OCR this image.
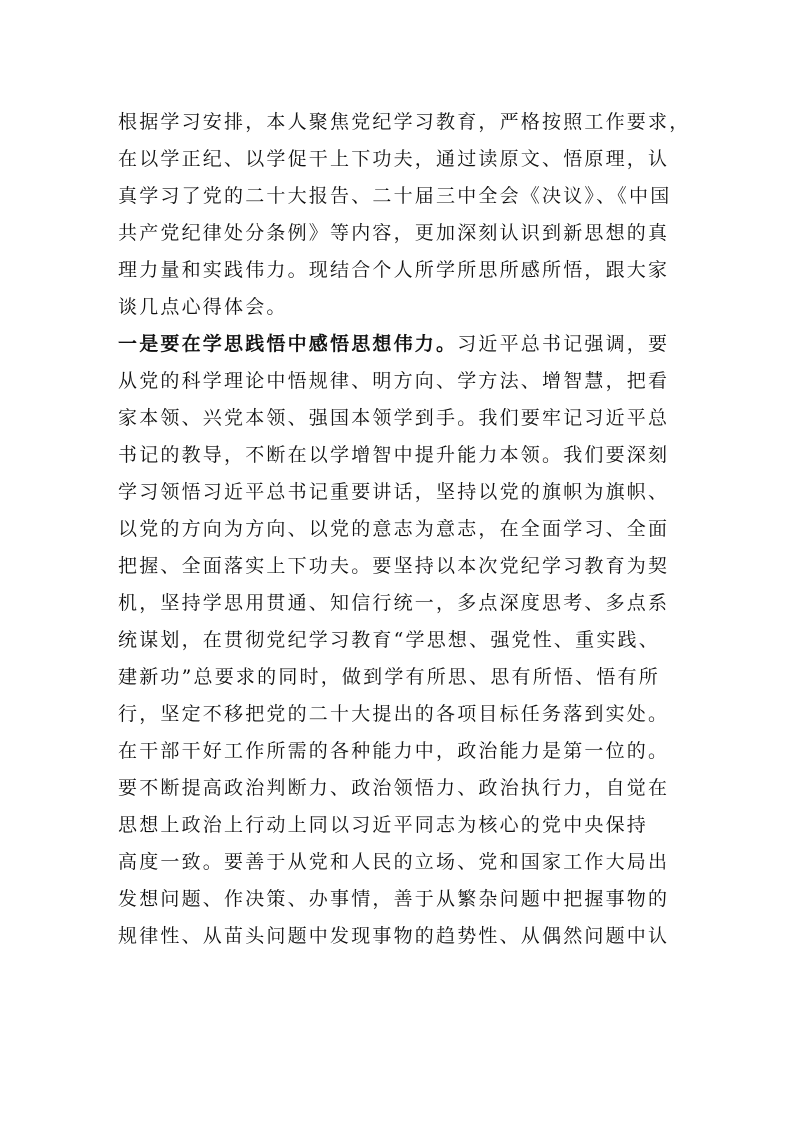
根据学习安排，本人聚焦党纪学习教育，严格按照工作要求，
在以学正纪、以学促干上下功夫，通过读原文、悟原理，认
真学习了党的二十大报告、二十届三中全会《决议》、《中国
共产党纪律处分条例》等内容，更加深刻认识到新思想的真
理力量和实践伟力。现结合个人所学所思所感所悟，跟大家
谈几点心得体会。
一是要在学思践悟中感悟思想伟力。习近平总书记强调，要
从党的科学理论中悟规律、明方向、学方法、增智慧，把看
家本领、兴党本领、强国本领学到手。我们要牢记习近平总
书记的教导，不断在以学增智中提升能力本领。我们要深刻
学习领悟习近平总书记重要讲话，坚持以党的旗帜为旗帜、
以党的方向为方向、以党的意志为意志，在全面学习、全面
把握、全面落实上下功夫。要坚持以本次党纪学习教育为契
机，坚持学思用贯通、知信行统一，多点深度思考、多点系
统谋划，在贯彻党纪学习教育“学思想、强党性、重实践、
建新功”总要求的同时，做到学有所思、思有所悟、悟有所
行，坚定不移把党的二十大提出的各项目标任务落到实处。
在干部干好工作所需的各种能力中，政治能力是第一位的。
要不断提高政治判断力、政治领悟力、政治执行力，自觉在
思想上政治上行动上同以习近平同志为核心的党中央保持
高度一致。要善于从党和人民的立场、党和国家工作大局出
发想问题、作决策、办事情，善于从繁杂问题中把握事物的
规律性、从苗头问题中发现事物的趋势性、从偶然问题中认
